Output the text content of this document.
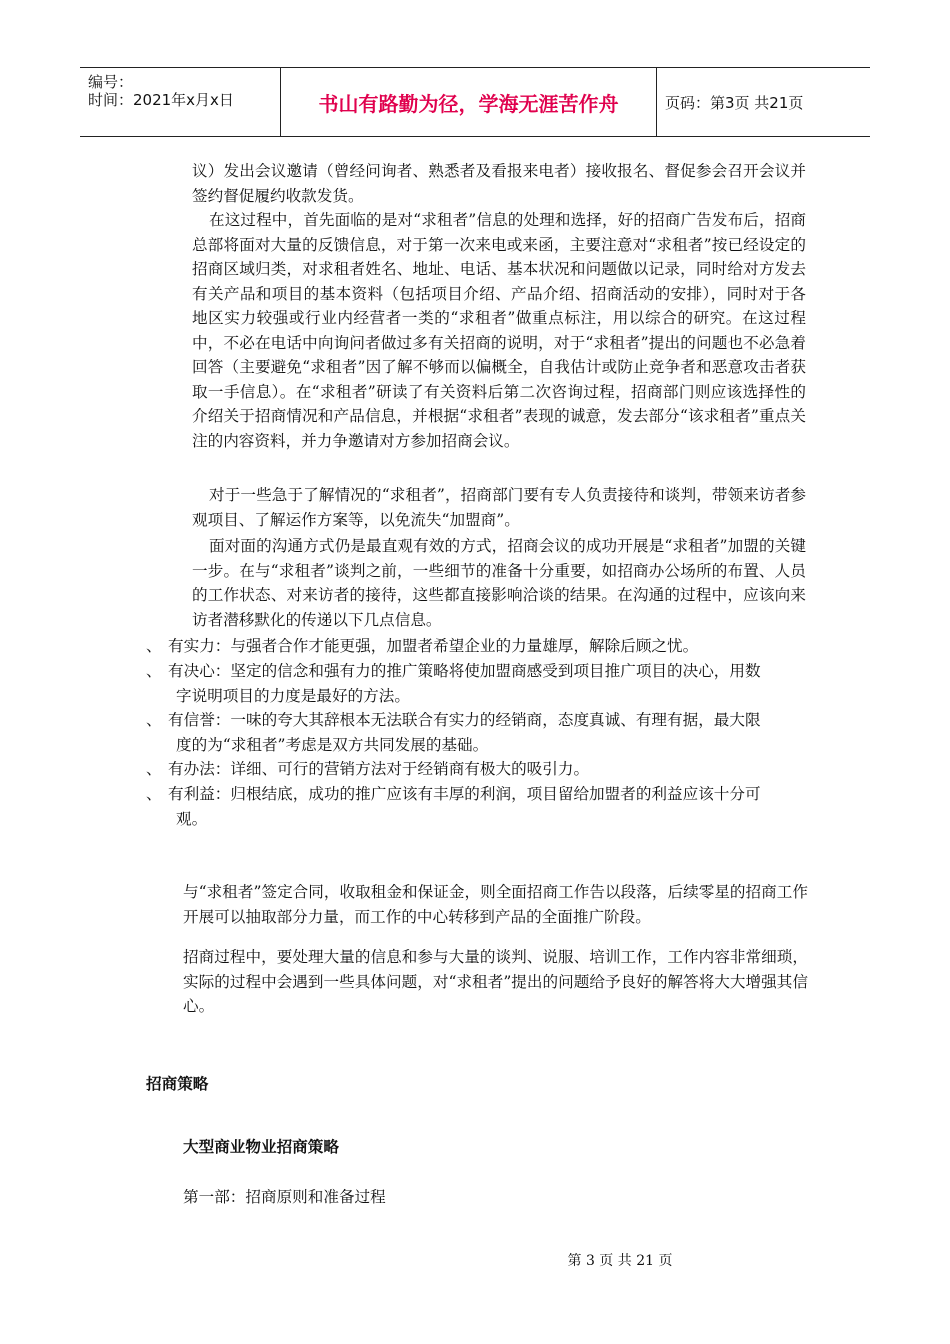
编号：
时间：2021年x月x日	书山有路勤为径，学海无涯苦作舟	页码：第3页 共21页
议）发出会议邀请（曾经问询者、熟悉者及看报来电者）接收报名、督促参会召开会议并签约督促履约收款发货。
在这过程中，首先面临的是对“求租者”信息的处理和选择，好的招商广告发布后，招商总部将面对大量的反馈信息，对于第一次来电或来函，主要注意对“求租者”按已经设定的招商区域归类，对求租者姓名、地址、电话、基本状况和问题做以记录，同时给对方发去有关产品和项目的基本资料（包括项目介绍、产品介绍、招商活动的安排），同时对于各地区实力较强或行业内经营者一类的“求租者”做重点标注，用以综合的研究。在这过程中，不必在电话中向询问者做过多有关招商的说明，对于“求租者”提出的问题也不必急着回答（主要避免“求租者”因了解不够而以偏概全，自我估计或防止竞争者和恶意攻击者获取一手信息）。在“求租者”研读了有关资料后第二次咨询过程，招商部门则应该选择性的介绍关于招商情况和产品信息，并根据“求租者”表现的诚意，发去部分“该求租者”重点关注的内容资料，并力争邀请对方参加招商会议。
对于一些急于了解情况的“求租者”，招商部门要有专人负责接待和谈判，带领来访者参观项目、了解运作方案等，以免流失“加盟商”。
面对面的沟通方式仍是最直观有效的方式，招商会议的成功开展是“求租者”加盟的关键一步。在与“求租者”谈判之前，一些细节的准备十分重要，如招商办公场所的布置、人员的工作状态、对来访者的接待，这些都直接影响洽谈的结果。在沟通的过程中，应该向来访者潜移默化的传递以下几点信息。
、 有实力：与强者合作才能更强，加盟者希望企业的力量雄厚，解除后顾之忧。
、 有决心：坚定的信念和强有力的推广策略将使加盟商感受到项目推广项目的决心，用数
字说明项目的力度是最好的方法。
、 有信誉：一味的夸大其辞根本无法联合有实力的经销商，态度真诚、有理有据，最大限
度的为“求租者”考虑是双方共同发展的基础。
、 有办法：详细、可行的营销方法对于经销商有极大的吸引力。
、 有利益：归根结底，成功的推广应该有丰厚的利润，项目留给加盟者的利益应该十分可
观。
与“求租者”签定合同，收取租金和保证金，则全面招商工作告以段落，后续零星的招商工作开展可以抽取部分力量，而工作的中心转移到产品的全面推广阶段。
招商过程中，要处理大量的信息和参与大量的谈判、说服、培训工作，工作内容非常细琐，实际的过程中会遇到一些具体问题，对“求租者”提出的问题给予良好的解答将大大增强其信心。
招商策略
大型商业物业招商策略
第一部：招商原则和准备过程
第 3 页 共 21 页
